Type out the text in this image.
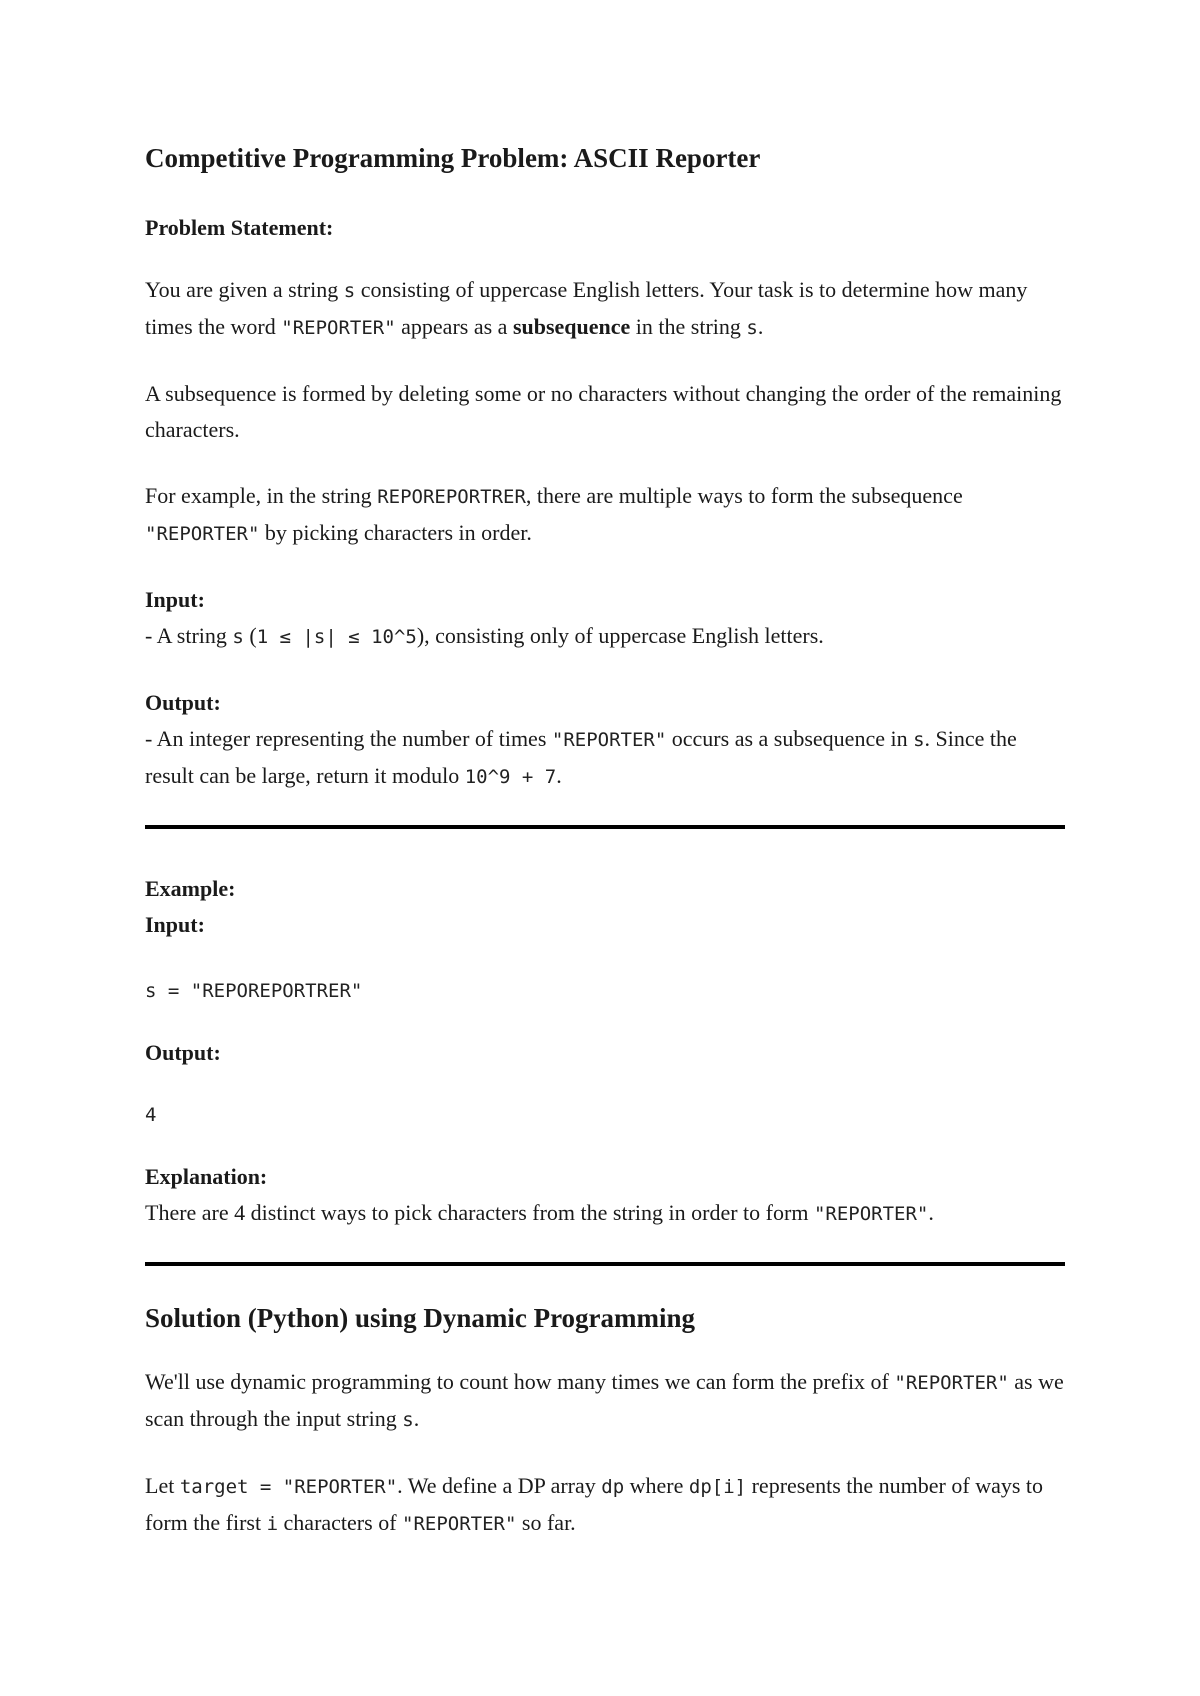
Competitive Programming Problem: ASCII Reporter
Problem Statement:

You are given a string s consisting of uppercase English letters. Your task is to determine how many times the word "REPORTER" appears as a subsequence in the string s.

A subsequence is formed by deleting some or no characters without changing the order of the remaining characters.

For example, in the string REPOREPORTRER, there are multiple ways to form the subsequence "REPORTER" by picking characters in order.

Input:
- A string s (1 ≤ |s| ≤ 10^5), consisting only of uppercase English letters.
Output:
- An integer representing the number of times "REPORTER" occurs as a subsequence in s. Since the result can be large, return it modulo 10^9 + 7.
Example:
Input:
s = "REPOREPORTRER"
Output:
4
Explanation:
There are 4 distinct ways to pick characters from the string in order to form "REPORTER".
Solution (Python) using Dynamic Programming

We'll use dynamic programming to count how many times we can form the prefix of "REPORTER" as we scan through the input string s.

Let target = "REPORTER". We define a DP array dp where dp[i] represents the number of ways to form the first i characters of "REPORTER" so far.
